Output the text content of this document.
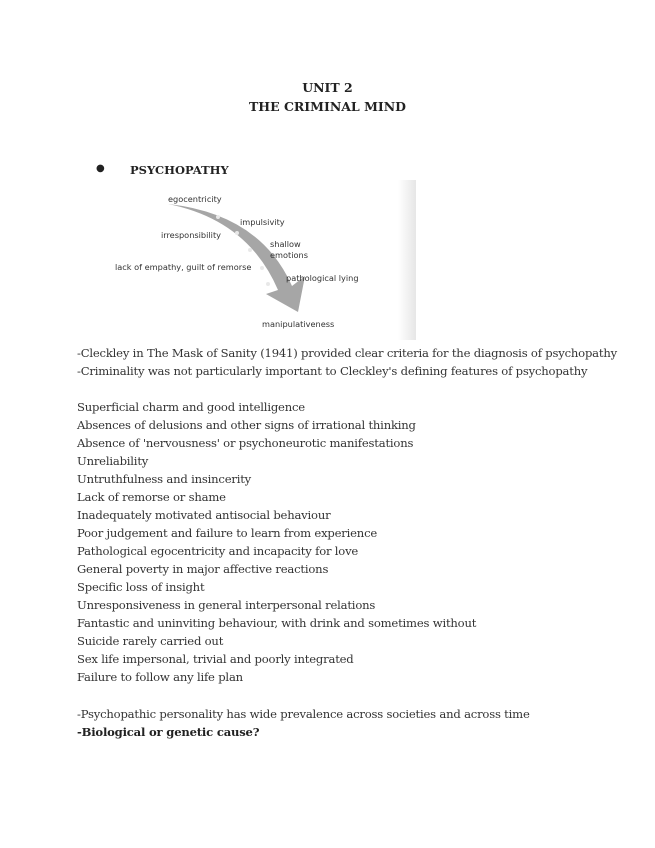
UNIT 2
THE CRIMINAL MIND
● PSYCHOPATHY
egocentricity
impulsivity
irresponsibility
shallow
emotions
lack of empathy, guilt of remorse
pathological lying
manipulativeness
-Cleckley in The Mask of Sanity (1941) provided clear criteria for the diagnosis of psychopathy
-Criminality was not particularly important to Cleckley's defining features of psychopathy
Superficial charm and good intelligence
Absences of delusions and other signs of irrational thinking
Absence of 'nervousness' or psychoneurotic manifestations
Unreliability
Untruthfulness and insincerity
Lack of remorse or shame
Inadequately motivated antisocial behaviour
Poor judgement and failure to learn from experience
Pathological egocentricity and incapacity for love
General poverty in major affective reactions
Specific loss of insight
Unresponsiveness in general interpersonal relations
Fantastic and uninviting behaviour, with drink and sometimes without
Suicide rarely carried out
Sex life impersonal, trivial and poorly integrated
Failure to follow any life plan
-Psychopathic personality has wide prevalence across societies and across time
-Biological or genetic cause?
